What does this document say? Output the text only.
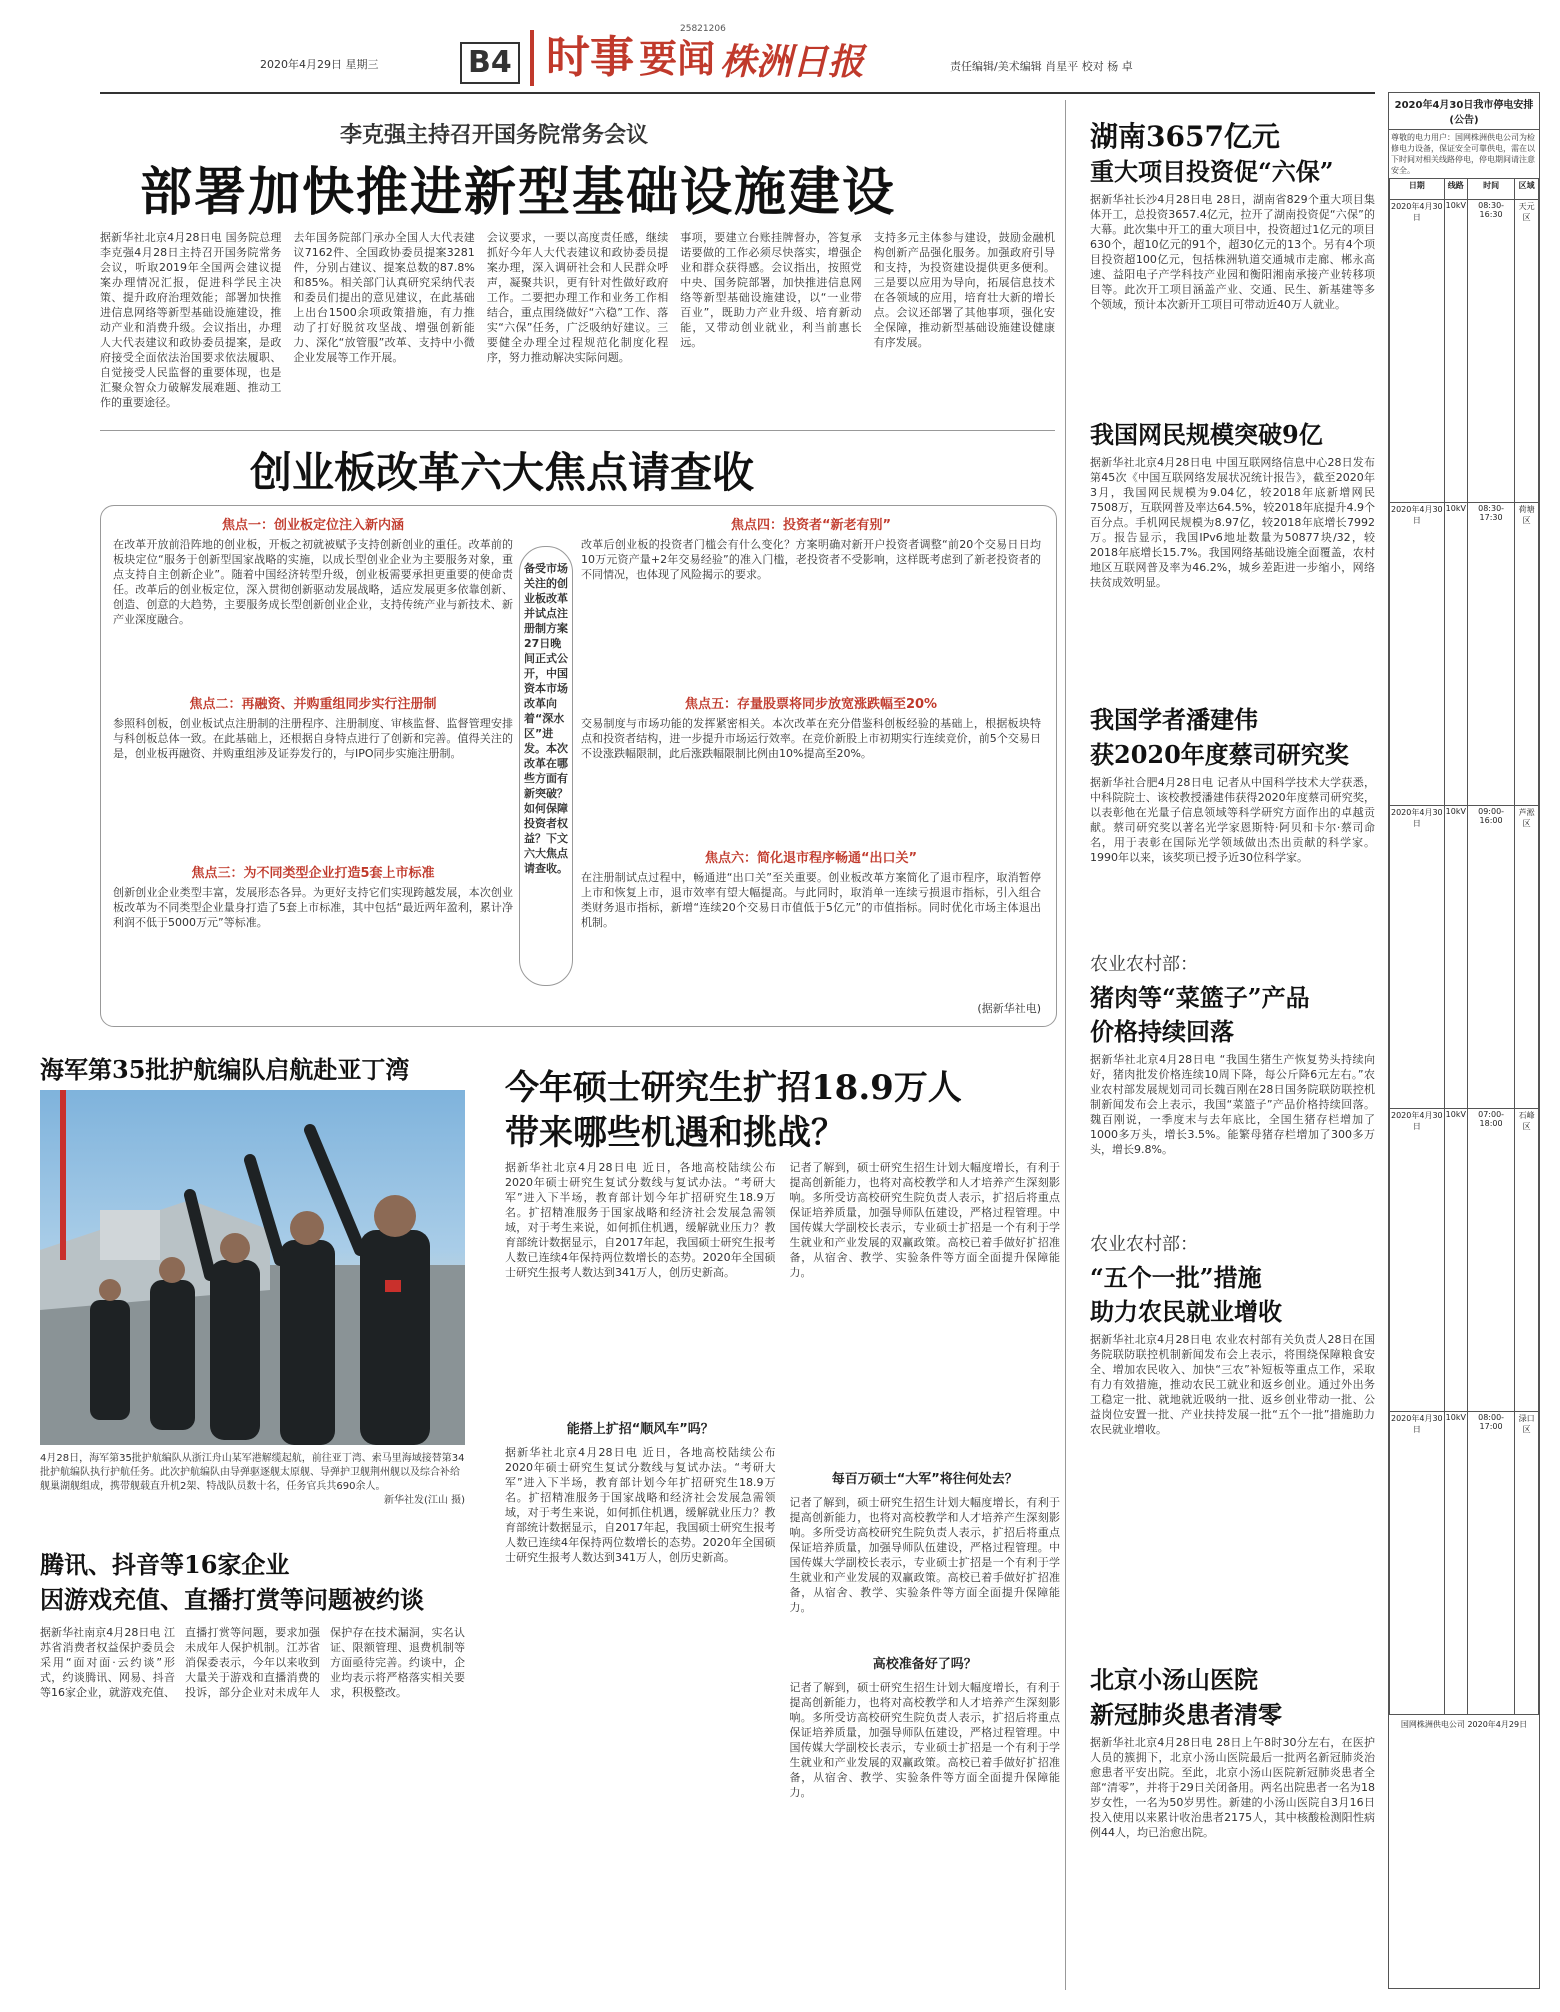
2020年4月29日 星期三	B4 时事 要闻
25821206
株洲日报	责任编辑/美术编辑 肖星平 校对 杨 卓
李克强主持召开国务院常务会议
部署加快推进新型基础设施建设
据新华社北京4月28日电 国务院总理李克强4月28日主持召开国务院常务会议，听取2019年全国两会建议提案办理情况汇报，促进科学民主决策、提升政府治理效能；部署加快推进信息网络等新型基础设施建设，推动产业和消费升级。会议指出，办理人大代表建议和政协委员提案，是政府接受全面依法治国要求依法履职、自觉接受人民监督的重要体现，也是汇聚众智众力破解发展难题、推动工作的重要途径。
去年国务院部门承办全国人大代表建议7162件、全国政协委员提案3281件，分别占建议、提案总数的87.8%和85%。相关部门认真研究采纳代表和委员们提出的意见建议，在此基础上出台1500余项政策措施，有力推动了打好脱贫攻坚战、增强创新能力、深化“放管服”改革、支持中小微企业发展等工作开展。
会议要求，一要以高度责任感，继续抓好今年人大代表建议和政协委员提案办理，深入调研社会和人民群众呼声，凝聚共识，更有针对性做好政府工作。二要把办理工作和业务工作相结合，重点围绕做好“六稳”工作、落实“六保”任务，广泛吸纳好建议。三要健全办理全过程规范化制度化程序，努力推动解决实际问题。
事项，要建立台账挂牌督办，答复承诺要做的工作必须尽快落实，增强企业和群众获得感。会议指出，按照党中央、国务院部署，加快推进信息网络等新型基础设施建设，以“一业带百业”，既助力产业升级、培育新动能，又带动创业就业，利当前惠长远。
支持多元主体参与建设，鼓励金融机构创新产品强化服务。加强政府引导和支持，为投资建设提供更多便利。三是要以应用为导向，拓展信息技术在各领域的应用，培育壮大新的增长点。会议还部署了其他事项，强化安全保障，推动新型基础设施建设健康有序发展。
创业板改革六大焦点请查收
焦点一：创业板定位注入新内涵
在改革开放前沿阵地的创业板，开板之初就被赋予支持创新创业的重任。改革前的板块定位“服务于创新型国家战略的实施，以成长型创业企业为主要服务对象，重点支持自主创新企业”。随着中国经济转型升级，创业板需要承担更重要的使命责任。改革后的创业板定位，深入贯彻创新驱动发展战略，适应发展更多依靠创新、创造、创意的大趋势，主要服务成长型创新创业企业，支持传统产业与新技术、新产业深度融合。
焦点二：再融资、并购重组同步实行注册制
参照科创板，创业板试点注册制的注册程序、注册制度、审核监督、监督管理安排与科创板总体一致。在此基础上，还根据自身特点进行了创新和完善。值得关注的是，创业板再融资、并购重组涉及证券发行的，与IPO同步实施注册制。
焦点三：为不同类型企业打造5套上市标准
创新创业企业类型丰富，发展形态各异。为更好支持它们实现跨越发展，本次创业板改革为不同类型企业量身打造了5套上市标准，其中包括“最近两年盈利，累计净利润不低于5000万元”等标准。
备受市场关注的创业板改革并试点注册制方案27日晚间正式公开，中国资本市场改革向着“深水区”进发。本次改革在哪些方面有新突破？如何保障投资者权益？下文六大焦点请查收。
焦点四：投资者“新老有别”
改革后创业板的投资者门槛会有什么变化？方案明确对新开户投资者调整“前20个交易日日均10万元资产量+2年交易经验”的准入门槛，老投资者不受影响，这样既考虑到了新老投资者的不同情况，也体现了风险揭示的要求。
焦点五：存量股票将同步放宽涨跌幅至20%
交易制度与市场功能的发挥紧密相关。本次改革在充分借鉴科创板经验的基础上，根据板块特点和投资者结构，进一步提升市场运行效率。在竞价新股上市初期实行连续竞价，前5个交易日不设涨跌幅限制，此后涨跌幅限制比例由10%提高至20%。
焦点六：简化退市程序畅通“出口关”
在注册制试点过程中，畅通进“出口关”至关重要。创业板改革方案简化了退市程序，取消暂停上市和恢复上市，退市效率有望大幅提高。与此同时，取消单一连续亏损退市指标，引入组合类财务退市指标，新增“连续20个交易日市值低于5亿元”的市值指标。同时优化市场主体退出机制。
(据新华社电)
海军第35批护航编队启航赴亚丁湾
4月28日，海军第35批护航编队从浙江舟山某军港解缆起航，前往亚丁湾、索马里海域接替第34批护航编队执行护航任务。此次护航编队由导弹驱逐舰太原舰、导弹护卫舰荆州舰以及综合补给舰巢湖舰组成，携带舰载直升机2架、特战队员数十名，任务官兵共690余人。
新华社发(江山 摄)
腾讯、抖音等16家企业
因游戏充值、直播打赏等问题被约谈
据新华社南京4月28日电 江苏省消费者权益保护委员会采用“面对面·云约谈”形式，约谈腾讯、网易、抖音等16家企业，就游戏充值、直播打赏等问题，要求加强未成年人保护机制。江苏省消保委表示，今年以来收到大量关于游戏和直播消费的投诉，部分企业对未成年人保护存在技术漏洞，实名认证、限额管理、退费机制等方面亟待完善。约谈中，企业均表示将严格落实相关要求，积极整改。
今年硕士研究生扩招18.9万人
带来哪些机遇和挑战？
据新华社北京4月28日电 近日，各地高校陆续公布2020年硕士研究生复试分数线与复试办法。“考研大军”进入下半场，教育部计划今年扩招研究生18.9万名。扩招精准服务于国家战略和经济社会发展急需领域，对于考生来说，如何抓住机遇，缓解就业压力？教育部统计数据显示，自2017年起，我国硕士研究生报考人数已连续4年保持两位数增长的态势。2020年全国硕士研究生报考人数达到341万人，创历史新高。
能搭上扩招“顺风车”吗？
据新华社北京4月28日电 近日，各地高校陆续公布2020年硕士研究生复试分数线与复试办法。“考研大军”进入下半场，教育部计划今年扩招研究生18.9万名。扩招精准服务于国家战略和经济社会发展急需领域，对于考生来说，如何抓住机遇，缓解就业压力？教育部统计数据显示，自2017年起，我国硕士研究生报考人数已连续4年保持两位数增长的态势。2020年全国硕士研究生报考人数达到341万人，创历史新高。
记者了解到，硕士研究生招生计划大幅度增长，有利于提高创新能力，也将对高校教学和人才培养产生深刻影响。多所受访高校研究生院负责人表示，扩招后将重点保证培养质量，加强导师队伍建设，严格过程管理。中国传媒大学副校长表示，专业硕士扩招是一个有利于学生就业和产业发展的双赢政策。高校已着手做好扩招准备，从宿舍、教学、实验条件等方面全面提升保障能力。
每百万硕士“大军”将往何处去？
记者了解到，硕士研究生招生计划大幅度增长，有利于提高创新能力，也将对高校教学和人才培养产生深刻影响。多所受访高校研究生院负责人表示，扩招后将重点保证培养质量，加强导师队伍建设，严格过程管理。中国传媒大学副校长表示，专业硕士扩招是一个有利于学生就业和产业发展的双赢政策。高校已着手做好扩招准备，从宿舍、教学、实验条件等方面全面提升保障能力。
高校准备好了吗？
记者了解到，硕士研究生招生计划大幅度增长，有利于提高创新能力，也将对高校教学和人才培养产生深刻影响。多所受访高校研究生院负责人表示，扩招后将重点保证培养质量，加强导师队伍建设，严格过程管理。中国传媒大学副校长表示，专业硕士扩招是一个有利于学生就业和产业发展的双赢政策。高校已着手做好扩招准备，从宿舍、教学、实验条件等方面全面提升保障能力。
湖南3657亿元
重大项目投资促“六保”
据新华社长沙4月28日电 28日，湖南省829个重大项目集体开工，总投资3657.4亿元，拉开了湖南投资促“六保”的大幕。此次集中开工的重大项目中，投资超过1亿元的项目630个，超10亿元的91个，超30亿元的13个。另有4个项目投资超100亿元，包括株洲轨道交通城市走廊、郴永高速、益阳电子产学科技产业园和衡阳湘南承接产业转移项目等。此次开工项目涵盖产业、交通、民生、新基建等多个领域，预计本次新开工项目可带动近40万人就业。
我国网民规模突破9亿
据新华社北京4月28日电 中国互联网络信息中心28日发布第45次《中国互联网络发展状况统计报告》，截至2020年3月，我国网民规模为9.04亿，较2018年底新增网民7508万，互联网普及率达64.5%，较2018年底提升4.9个百分点。手机网民规模为8.97亿，较2018年底增长7992万。报告显示，我国IPv6地址数量为50877块/32，较2018年底增长15.7%。我国网络基础设施全面覆盖，农村地区互联网普及率为46.2%，城乡差距进一步缩小，网络扶贫成效明显。
我国学者潘建伟
获2020年度蔡司研究奖
据新华社合肥4月28日电 记者从中国科学技术大学获悉，中科院院士、该校教授潘建伟获得2020年度蔡司研究奖，以表彰他在光量子信息领域等科学研究方面作出的卓越贡献。蔡司研究奖以著名光学家恩斯特·阿贝和卡尔·蔡司命名，用于表彰在国际光学领域做出杰出贡献的科学家。1990年以来，该奖项已授予近30位科学家。
农业农村部：
猪肉等“菜篮子”产品
价格持续回落
据新华社北京4月28日电 “我国生猪生产恢复势头持续向好，猪肉批发价格连续10周下降，每公斤降6元左右。”农业农村部发展规划司司长魏百刚在28日国务院联防联控机制新闻发布会上表示，我国“菜篮子”产品价格持续回落。魏百刚说，一季度末与去年底比，全国生猪存栏增加了1000多万头，增长3.5%。能繁母猪存栏增加了300多万头，增长9.8%。
农业农村部：
“五个一批”措施
助力农民就业增收
据新华社北京4月28日电 农业农村部有关负责人28日在国务院联防联控机制新闻发布会上表示，将围绕保障粮食安全、增加农民收入、加快“三农”补短板等重点工作，采取有力有效措施，推动农民工就业和返乡创业。通过外出务工稳定一批、就地就近吸纳一批、返乡创业带动一批、公益岗位安置一批、产业扶持发展一批“五个一批”措施助力农民就业增收。
北京小汤山医院
新冠肺炎患者清零
据新华社北京4月28日电 28日上午8时30分左右，在医护人员的簇拥下，北京小汤山医院最后一批两名新冠肺炎治愈患者平安出院。至此，北京小汤山医院新冠肺炎患者全部“清零”，并将于29日关闭备用。两名出院患者一名为18岁女性，一名为50岁男性。新建的小汤山医院自3月16日投入使用以来累计收治患者2175人，其中核酸检测阳性病例44人，均已治愈出院。
2020年4月30日我市停电安排(公告)
尊敬的电力用户：国网株洲供电公司为检修电力设备，保证安全可靠供电，需在以下时间对相关线路停电，停电期间请注意安全。
日期	线路	时间	区域
2020年4月30日	10kV	08:30-16:30	天元区
2020年4月30日	10kV	08:30-17:30	荷塘区
2020年4月30日	10kV	09:00-16:00	芦淞区
2020年4月30日	10kV	07:00-18:00	石峰区
2020年4月30日	10kV	08:00-17:00	渌口区
国网株洲供电公司 2020年4月29日
